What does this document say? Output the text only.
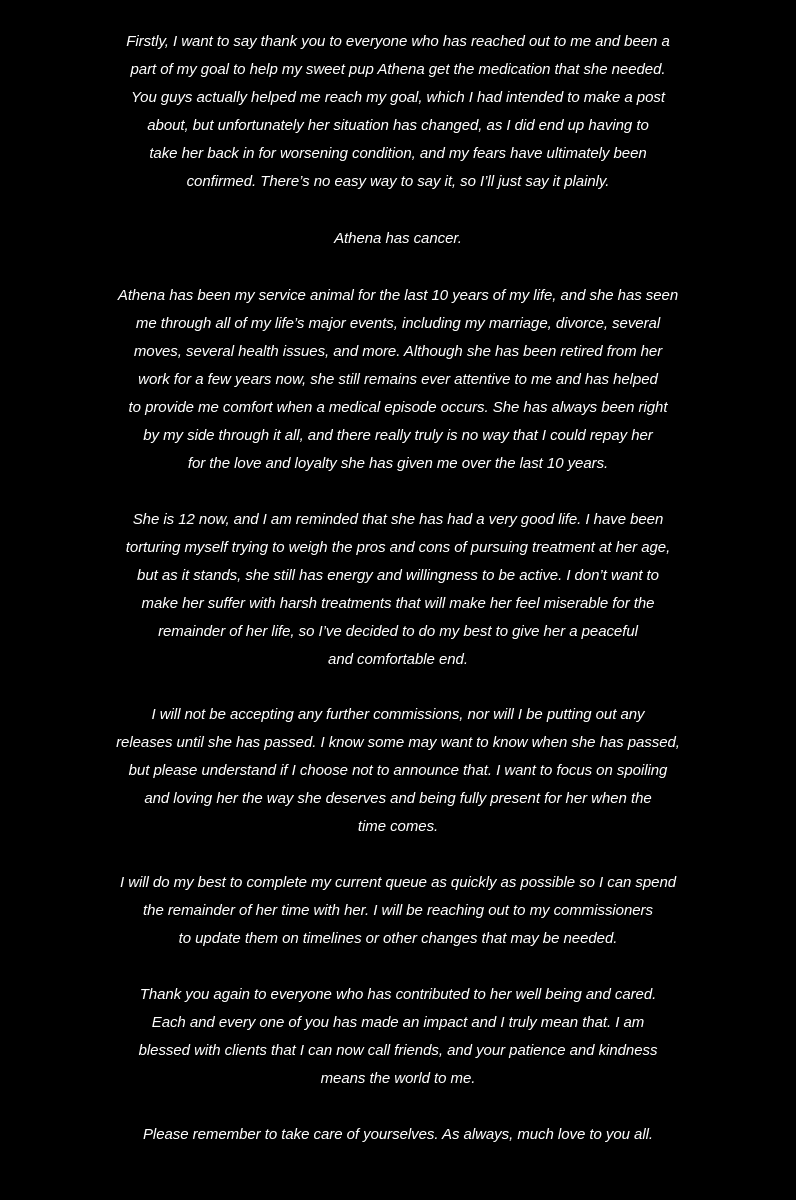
Firstly, I want to say thank you to everyone who has reached out to me and been a

part of my goal to help my sweet pup Athena get the medication that she needed.

You guys actually helped me reach my goal, which I had intended to make a post

about, but unfortunately her situation has changed, as I did end up having to

take her back in for worsening condition, and my fears have ultimately been

confirmed. There’s no easy way to say it, so I’ll just say it plainly.

Athena has cancer.

Athena has been my service animal for the last 10 years of my life, and she has seen

me through all of my life’s major events, including my marriage, divorce, several

moves, several health issues, and more. Although she has been retired from her

work for a few years now, she still remains ever attentive to me and has helped

to provide me comfort when a medical episode occurs. She has always been right

by my side through it all, and there really truly is no way that I could repay her

for the love and loyalty she has given me over the last 10 years.

She is 12 now, and I am reminded that she has had a very good life. I have been

torturing myself trying to weigh the pros and cons of pursuing treatment at her age,

but as it stands, she still has energy and willingness to be active. I don’t want to

make her suffer with harsh treatments that will make her feel miserable for the

remainder of her life, so I’ve decided to do my best to give her a peaceful

and comfortable end.

I will not be accepting any further commissions, nor will I be putting out any

releases until she has passed. I know some may want to know when she has passed,

but please understand if I choose not to announce that. I want to focus on spoiling

and loving her the way she deserves and being fully present for her when the

time comes.

I will do my best to complete my current queue as quickly as possible so I can spend

the remainder of her time with her. I will be reaching out to my commissioners

to update them on timelines or other changes that may be needed.

Thank you again to everyone who has contributed to her well being and cared.

Each and every one of you has made an impact and I truly mean that. I am

blessed with clients that I can now call friends, and your patience and kindness

means the world to me.

Please remember to take care of yourselves. As always, much love to you all.
